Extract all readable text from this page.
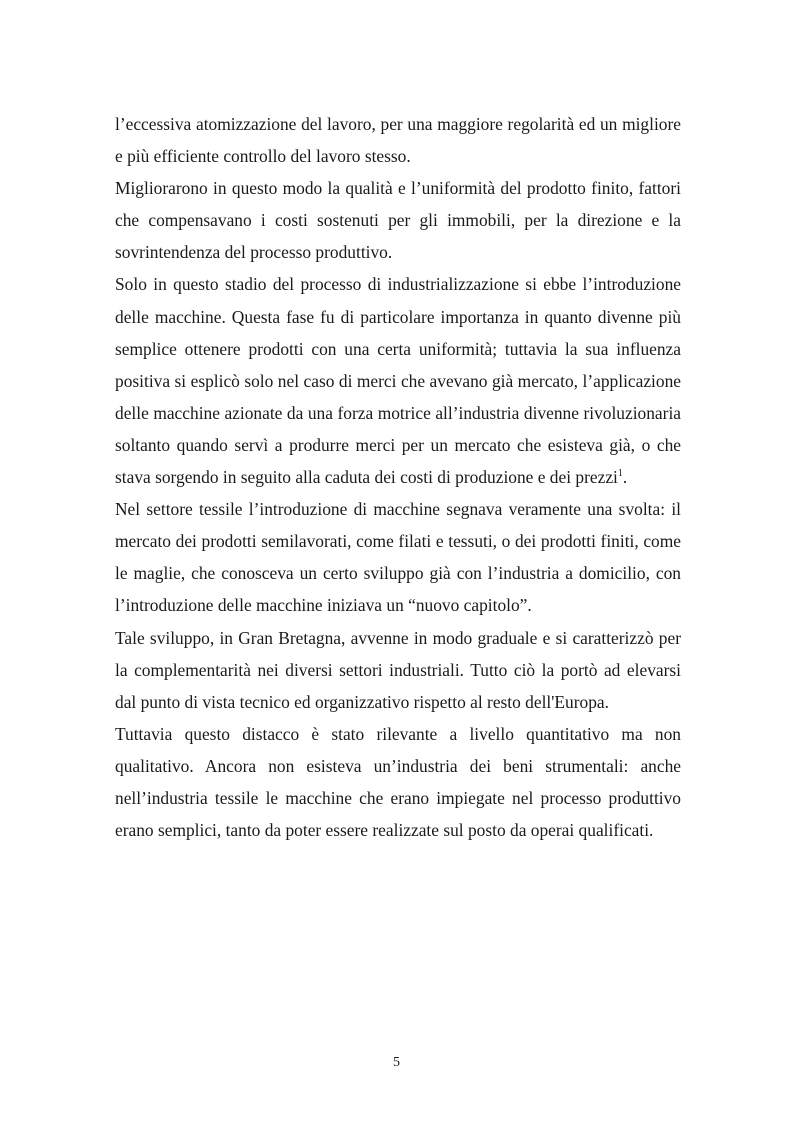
l’eccessiva atomizzazione del lavoro, per una maggiore regolarità ed un migliore e più efficiente controllo del lavoro stesso.

Migliorarono in questo modo la qualità e l’uniformità del prodotto finito, fattori che compensavano i costi sostenuti per gli immobili, per la direzione e la sovrintendenza del processo produttivo.

Solo in questo stadio del processo di industrializzazione si ebbe l’introduzione delle macchine. Questa fase fu di particolare importanza in quanto divenne più semplice ottenere prodotti con una certa uniformità; tuttavia la sua influenza positiva si esplicò solo nel caso di merci che avevano già mercato, l’applicazione delle macchine azionate da una forza motrice all’industria divenne rivoluzionaria soltanto quando servì a produrre merci per un mercato che esisteva già, o che stava sorgendo in seguito alla caduta dei costi di produzione e dei prezzi$^1$.

Nel settore tessile l’introduzione di macchine segnava veramente una svolta: il mercato dei prodotti semilavorati, come filati e tessuti, o dei prodotti finiti, come le maglie, che conosceva un certo sviluppo già con l’industria a domicilio, con l’introduzione delle macchine iniziava un “nuovo capitolo”.

Tale sviluppo, in Gran Bretagna, avvenne in modo graduale e si caratterizzò per la complementarità nei diversi settori industriali. Tutto ciò la portò ad elevarsi dal punto di vista tecnico ed organizzativo rispetto al resto dell'Europa.

Tuttavia questo distacco è stato rilevante a livello quantitativo ma non qualitativo. Ancora non esisteva un’industria dei beni strumentali: anche nell’industria tessile le macchine che erano impiegate nel processo produttivo erano semplici, tanto da poter essere realizzate sul posto da operai qualificati.

5
